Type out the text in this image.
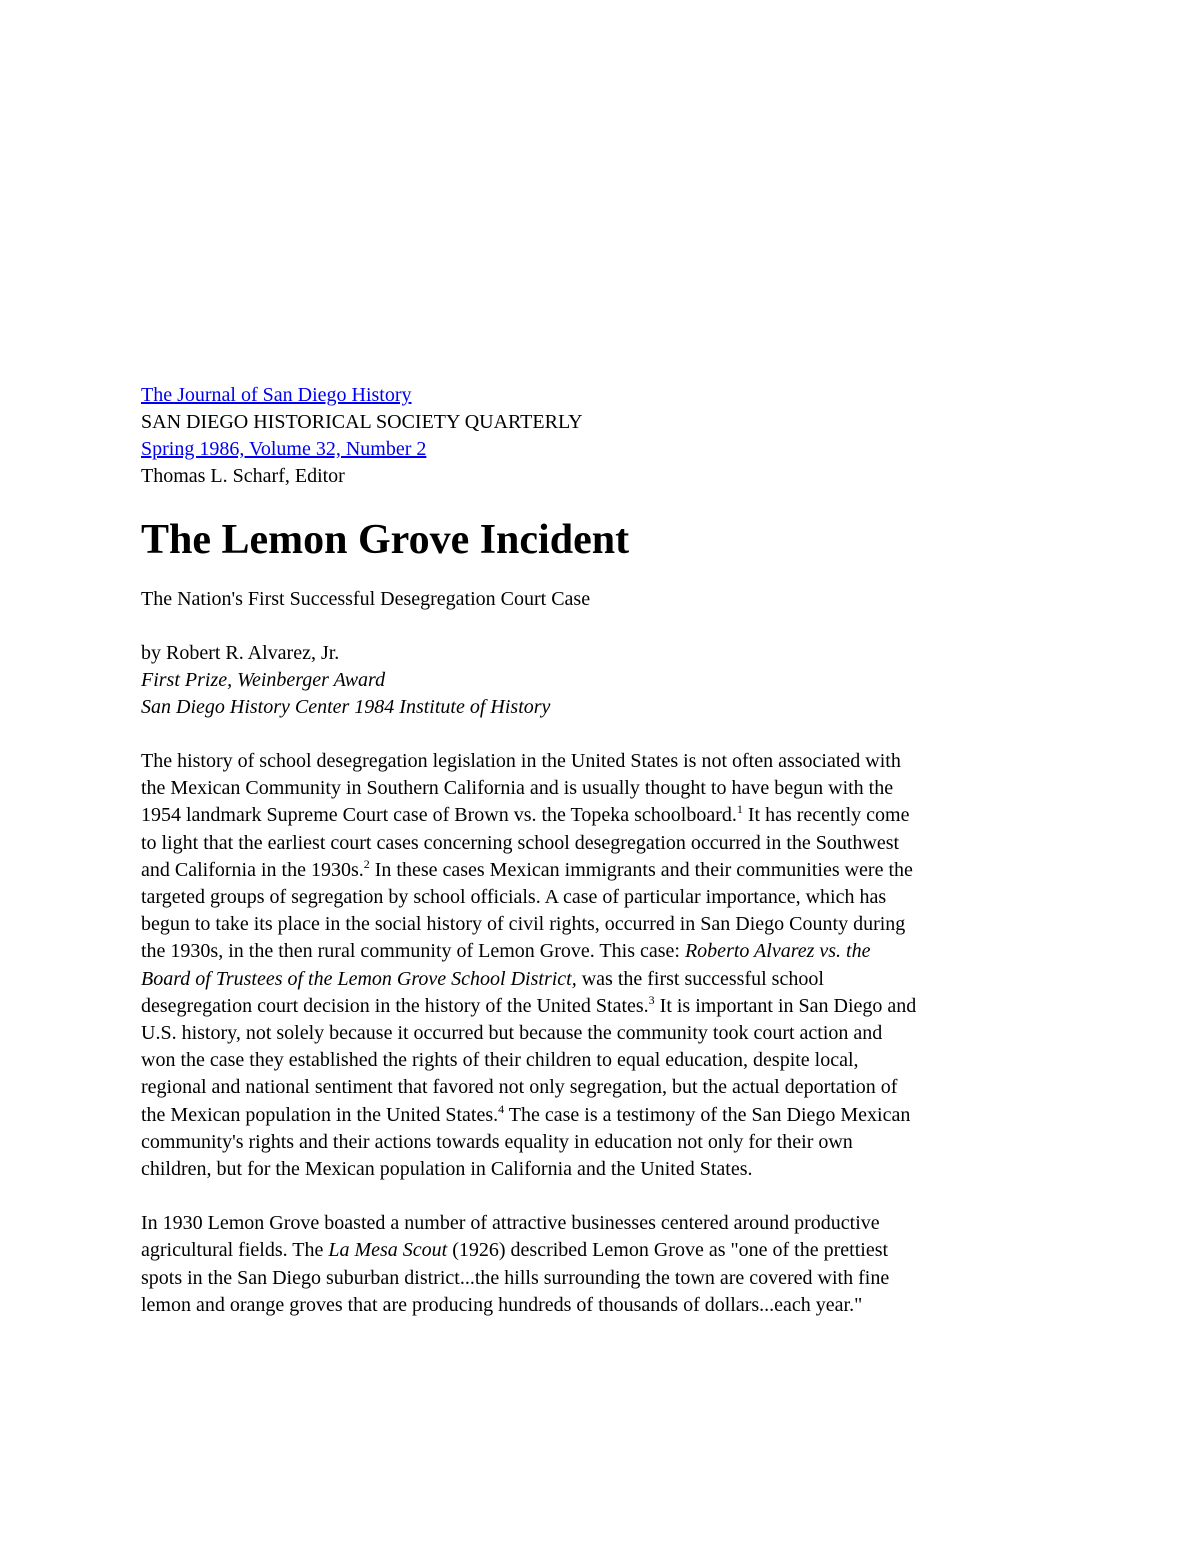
The Journal of San Diego History
SAN DIEGO HISTORICAL SOCIETY QUARTERLY
Spring 1986, Volume 32, Number 2
Thomas L. Scharf, Editor
The Lemon Grove Incident
The Nation's First Successful Desegregation Court Case
by Robert R. Alvarez, Jr.
First Prize, Weinberger Award
San Diego History Center 1984 Institute of History

The history of school desegregation legislation in the United States is not often associated with
the Mexican Community in Southern California and is usually thought to have begun with the
1954 landmark Supreme Court case of Brown vs. the Topeka schoolboard.$^1$ It has recently come
to light that the earliest court cases concerning school desegregation occurred in the Southwest
and California in the 1930s.$^2$ In these cases Mexican immigrants and their communities were the
targeted groups of segregation by school officials. A case of particular importance, which has
begun to take its place in the social history of civil rights, occurred in San Diego County during
the 1930s, in the then rural community of Lemon Grove. This case: Roberto Alvarez vs. the
Board of Trustees of the Lemon Grove School District, was the first successful school
desegregation court decision in the history of the United States.$^3$ It is important in San Diego and
U.S. history, not solely because it occurred but because the community took court action and
won the case they established the rights of their children to equal education, despite local,
regional and national sentiment that favored not only segregation, but the actual deportation of
the Mexican population in the United States.$^4$ The case is a testimony of the San Diego Mexican
community's rights and their actions towards equality in education not only for their own
children, but for the Mexican population in California and the United States.

In 1930 Lemon Grove boasted a number of attractive businesses centered around productive
agricultural fields. The La Mesa Scout (1926) described Lemon Grove as "one of the prettiest
spots in the San Diego suburban district...the hills surrounding the town are covered with fine
lemon and orange groves that are producing hundreds of thousands of dollars...each year."
